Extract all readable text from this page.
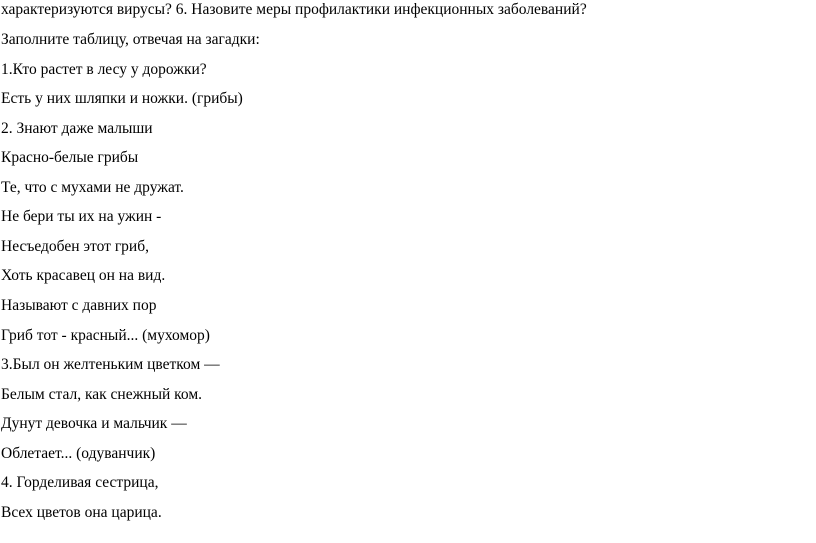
характеризуются вирусы? 6. Назовите меры профилактики инфекционных заболеваний?
Заполните таблицу, отвечая на загадки:
1.Кто растет в лесу у дорожки?
Есть у них шляпки и ножки. (грибы)
2. Знают даже малыши
Красно-белые грибы
Те, что с мухами не дружат.
Не бери ты их на ужин -
Несъедобен этот гриб,
Хоть красавец он на вид.
Называют с давних пор
Гриб тот - красный... (мухомор)
3.Был он желтеньким цветком —
Белым стал, как снежный ком.
Дунут девочка и мальчик —
Облетает... (одуванчик)
4. Горделивая сестрица,
Всех цветов она царица.
